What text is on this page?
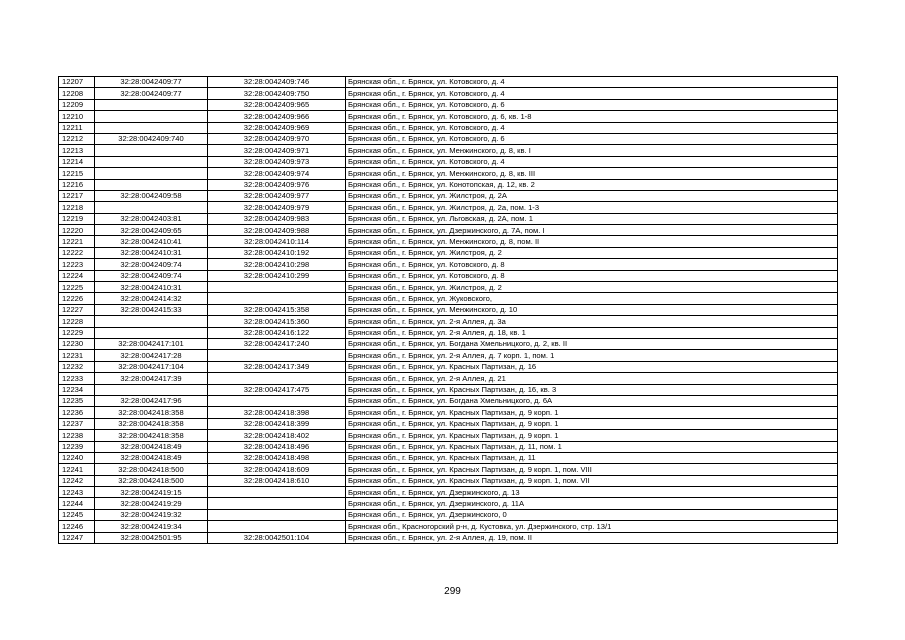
12207	32:28:0042409:77	32:28:0042409:746	Брянская обл., г. Брянск, ул. Котовского, д. 4
12208	32:28:0042409:77	32:28:0042409:750	Брянская обл., г. Брянск, ул. Котовского, д. 4
12209		32:28:0042409:965	Брянская обл., г. Брянск, ул. Котовского, д. 6
12210		32:28:0042409:966	Брянская обл., г. Брянск, ул. Котовского, д. 6, кв. 1-8
12211		32:28:0042409:969	Брянская обл., г. Брянск, ул. Котовского, д. 4
12212	32:28:0042409:740	32:28:0042409:970	Брянская обл., г. Брянск, ул. Котовского, д. 6
12213		32:28:0042409:971	Брянская обл., г. Брянск, ул. Менжинского, д. 8, кв. I
12214		32:28:0042409:973	Брянская обл., г. Брянск, ул. Котовского, д. 4
12215		32:28:0042409:974	Брянская обл., г. Брянск, ул. Менжинского, д. 8, кв. III
12216		32:28:0042409:976	Брянская обл., г. Брянск, ул. Конотопская, д. 12, кв. 2
12217	32:28:0042409:58	32:28:0042409:977	Брянская обл., г. Брянск, ул. Жилстроя, д. 2А
12218		32:28:0042409:979	Брянская обл., г. Брянск, ул. Жилстроя, д. 2а, пом. 1-3
12219	32:28:0042403:81	32:28:0042409:983	Брянская обл., г. Брянск, ул. Льговская, д. 2А, пом. 1
12220	32:28:0042409:65	32:28:0042409:988	Брянская обл., г. Брянск, ул. Дзержинского, д. 7А, пом. I
12221	32:28:0042410:41	32:28:0042410:114	Брянская обл., г. Брянск, ул. Менжинского, д. 8, пом. II
12222	32:28:0042410:31	32:28:0042410:192	Брянская обл., г. Брянск, ул. Жилстроя, д. 2
12223	32:28:0042409:74	32:28:0042410:298	Брянская обл., г. Брянск, ул. Котовского, д. 8
12224	32:28:0042409:74	32:28:0042410:299	Брянская обл., г. Брянск, ул. Котовского, д. 8
12225	32:28:0042410:31		Брянская обл., г. Брянск, ул. Жилстроя, д. 2
12226	32:28:0042414:32		Брянская обл., г. Брянск, ул. Жуковского,
12227	32:28:0042415:33	32:28:0042415:358	Брянская обл., г. Брянск, ул. Менжинского, д. 10
12228		32:28:0042415:360	Брянская обл., г. Брянск, ул. 2-я Аллея, д. 3а
12229		32:28:0042416:122	Брянская обл., г. Брянск, ул. 2-я Аллея, д. 18, кв. 1
12230	32:28:0042417:101	32:28:0042417:240	Брянская обл., г. Брянск, ул. Богдана Хмельницкого, д. 2, кв. II
12231	32:28:0042417:28		Брянская обл., г. Брянск, ул. 2-я Аллея, д. 7 корп. 1, пом. 1
12232	32:28:0042417:104	32:28:0042417:349	Брянская обл., г. Брянск, ул. Красных Партизан, д. 16
12233	32:28:0042417:39		Брянская обл., г. Брянск, ул. 2-я Аллея, д. 21
12234		32:28:0042417:475	Брянская обл., г. Брянск, ул. Красных Партизан, д. 16, кв. 3
12235	32:28:0042417:96		Брянская обл., г. Брянск, ул. Богдана Хмельницкого, д. 6А
12236	32:28:0042418:358	32:28:0042418:398	Брянская обл., г. Брянск, ул. Красных Партизан, д. 9 корп. 1
12237	32:28:0042418:358	32:28:0042418:399	Брянская обл., г. Брянск, ул. Красных Партизан, д. 9 корп. 1
12238	32:28:0042418:358	32:28:0042418:402	Брянская обл., г. Брянск, ул. Красных Партизан, д. 9 корп. 1
12239	32:28:0042418:49	32:28:0042418:496	Брянская обл., г. Брянск, ул. Красных Партизан, д. 11, пом. 1
12240	32:28:0042418:49	32:28:0042418:498	Брянская обл., г. Брянск, ул. Красных Партизан, д. 11
12241	32:28:0042418:500	32:28:0042418:609	Брянская обл., г. Брянск, ул. Красных Партизан, д. 9 корп. 1, пом. VIII
12242	32:28:0042418:500	32:28:0042418:610	Брянская обл., г. Брянск, ул. Красных Партизан, д. 9 корп. 1, пом. VII
12243	32:28:0042419:15		Брянская обл., г. Брянск, ул. Дзержинского, д. 13
12244	32:28:0042419:29		Брянская обл., г. Брянск, ул. Дзержинского, д. 11А
12245	32:28:0042419:32		Брянская обл., г. Брянск, ул. Дзержинского, 0
12246	32:28:0042419:34		Брянская обл., Красногорский р-н, д. Кустовка, ул. Дзержинского, стр. 13/1
12247	32:28:0042501:95	32:28:0042501:104	Брянская обл., г. Брянск, ул. 2-я Аллея, д. 19, пом. II
299
